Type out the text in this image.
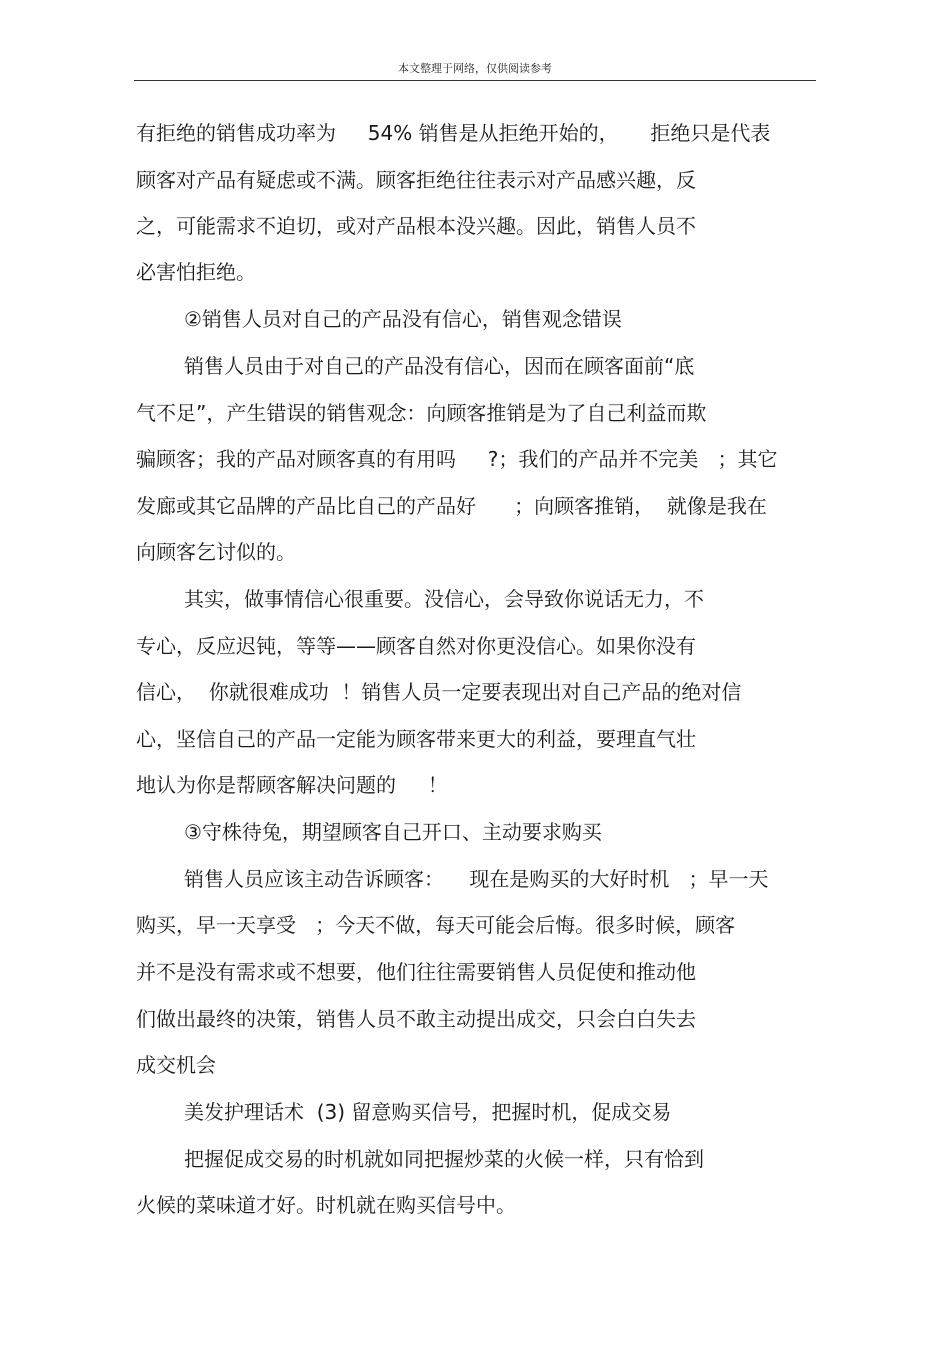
本文整理于网络，仅供阅读参考
有拒绝的销售成功率为     54% 销售是从拒绝开始的，     拒绝只是代表
顾客对产品有疑虑或不满。顾客拒绝往往表示对产品感兴趣，反
之，可能需求不迫切，或对产品根本没兴趣。因此，销售人员不
必害怕拒绝。
②销售人员对自己的产品没有信心，销售观念错误
销售人员由于对自己的产品没有信心，因而在顾客面前“底
气不足”，产生错误的销售观念：向顾客推销是为了自己利益而欺
骗顾客；我的产品对顾客真的有用吗     ?；我们的产品并不完美   ；其它
发廊或其它品牌的产品比自己的产品好      ；向顾客推销，  就像是我在
向顾客乞讨似的。
其实，做事情信心很重要。没信心，会导致你说话无力，不
专心，反应迟钝，等等——顾客自然对你更没信心。如果你没有
信心，  你就很难成功  ！销售人员一定要表现出对自己产品的绝对信
心，坚信自己的产品一定能为顾客带来更大的利益，要理直气壮
地认为你是帮顾客解决问题的     ！
③守株待兔，期望顾客自己开口、主动要求购买
销售人员应该主动告诉顾客：    现在是购买的大好时机   ；早一天
购买，早一天享受   ；今天不做，每天可能会后悔。很多时候，顾客
并不是没有需求或不想要，他们往往需要销售人员促使和推动他
们做出最终的决策，销售人员不敢主动提出成交，只会白白失去
成交机会
美发护理话术  (3) 留意购买信号，把握时机，促成交易
把握促成交易的时机就如同把握炒菜的火候一样，只有恰到
火候的菜味道才好。时机就在购买信号中。
